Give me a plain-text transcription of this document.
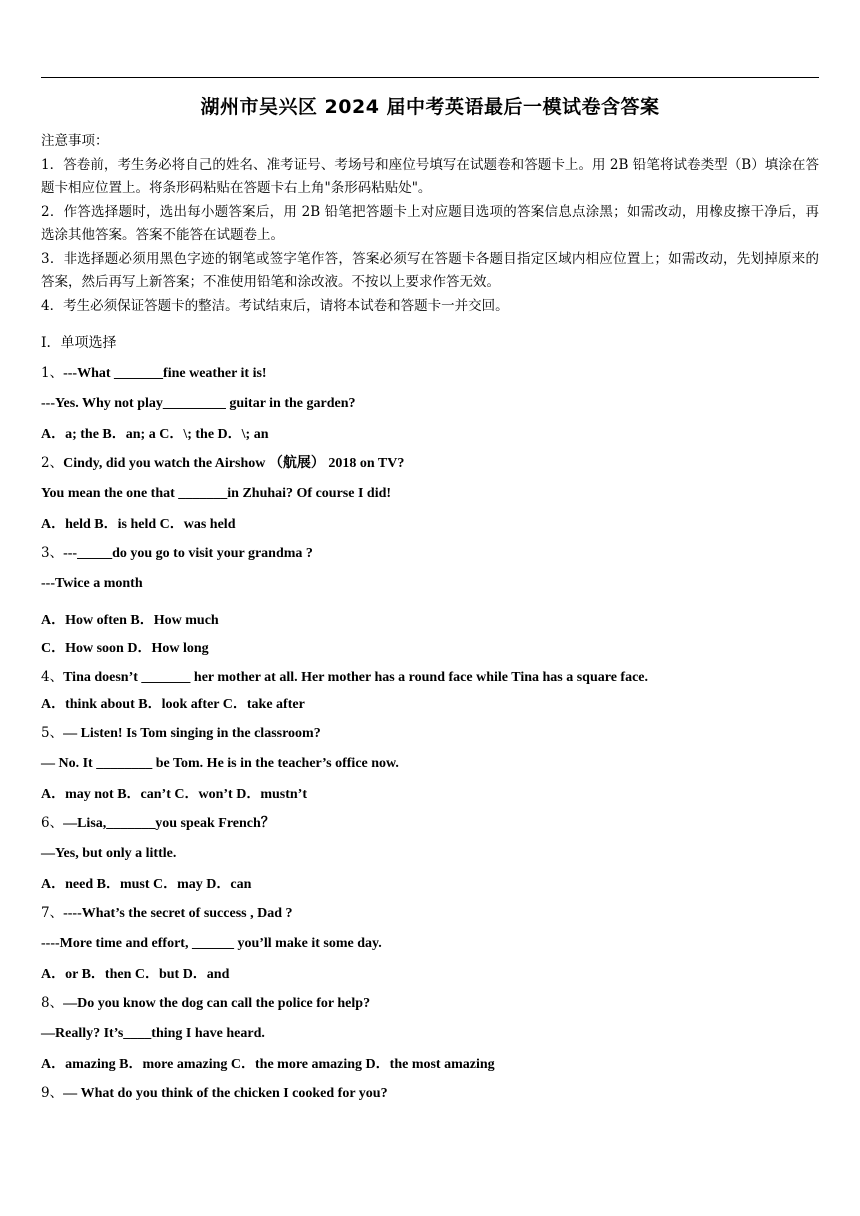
湖州市吴兴区 2024 届中考英语最后一模试卷含答案

注意事项：

1．答卷前，考生务必将自己的姓名、准考证号、考场号和座位号填写在试题卷和答题卡上。用 2B 铅笔将试卷类型（B）填涂在答题卡相应位置上。将条形码粘贴在答题卡右上角"条形码粘贴处"。

2．作答选择题时，选出每小题答案后，用 2B 铅笔把答题卡上对应题目选项的答案信息点涂黑；如需改动，用橡皮擦干净后，再选涂其他答案。答案不能答在试题卷上。

3．非选择题必须用黑色字迹的钢笔或签字笔作答，答案必须写在答题卡各题目指定区域内相应位置上；如需改动，先划掉原来的答案，然后再写上新答案；不准使用铅笔和涂改液。不按以上要求作答无效。

4．考生必须保证答题卡的整洁。考试结束后，请将本试卷和答题卡一并交回。

Ⅰ．单项选择
1、---What _______fine weather it is!
---Yes. Why not play_________ guitar in the garden?
A．a; the B．an; a C．\; the D．\; an
2、Cindy, did you watch the Airshow （航展） 2018 on TV?
You mean the one that _______in Zhuhai? Of course I did!
A．held B．is held C．was held
3、---_____do you go to visit your grandma ?
---Twice a month
A．How often B．How much
C．How soon D．How long
4、Tina doesn’t _______ her mother at all. Her mother has a round face while Tina has a square face.
A．think about B．look after C．take after
5、— Listen! Is Tom singing in the classroom?
— No. It ________ be Tom. He is in the teacher’s office now.
A．may not B．can’t C．won’t D．mustn’t
6、—Lisa,_______you speak French？
—Yes, but only a little.
A．need B．must C．may D．can
7、----What’s the secret of success , Dad ?
----More time and effort, ______ you’ll make it some day.
A．or B．then C．but D．and
8、—Do you know the dog can call the police for help?
—Really? It’s____thing I have heard.
A．amazing B．more amazing C．the more amazing D．the most amazing
9、— What do you think of the chicken I cooked for you?
